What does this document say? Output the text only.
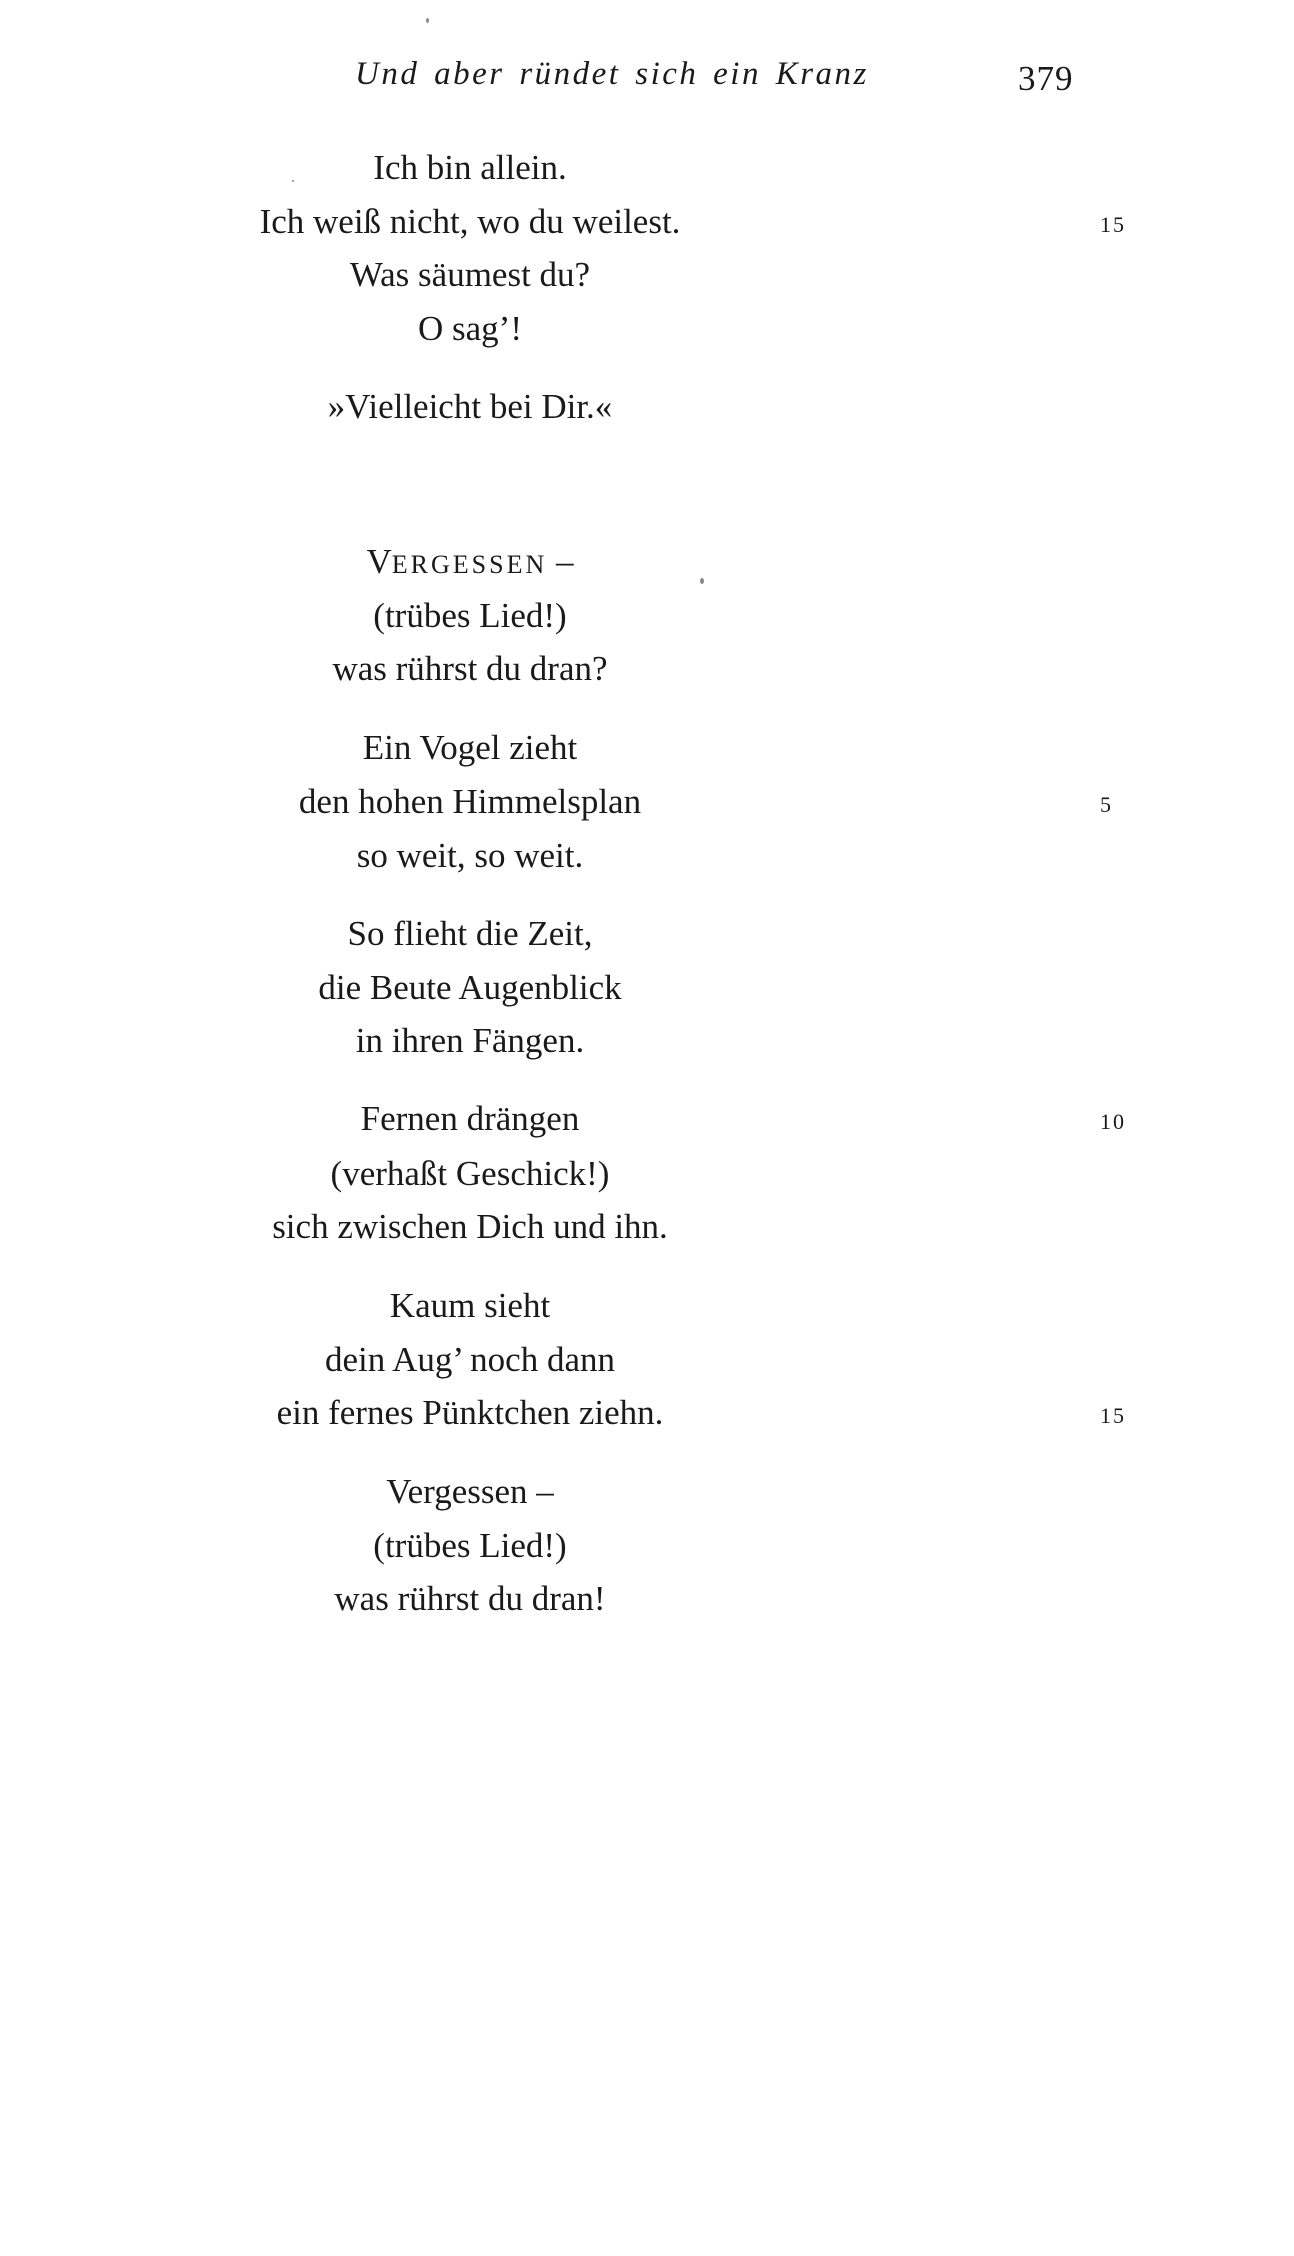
Und aber ründet sich ein Kranz	379
Ich bin allein.
Ich weiß nicht, wo du weilest.	15
Was säumest du?
O sag’!
»Vielleicht bei Dir.«
VERGESSEN –
(trübes Lied!)
was rührst du dran?
Ein Vogel zieht
den hohen Himmelsplan	5
so weit, so weit.
So flieht die Zeit,
die Beute Augenblick
in ihren Fängen.
Fernen drängen	10
(verhaßt Geschick!)
sich zwischen Dich und ihn.
Kaum sieht
dein Aug’ noch dann
ein fernes Pünktchen ziehn.	15
Vergessen –
(trübes Lied!)
was rührst du dran!
